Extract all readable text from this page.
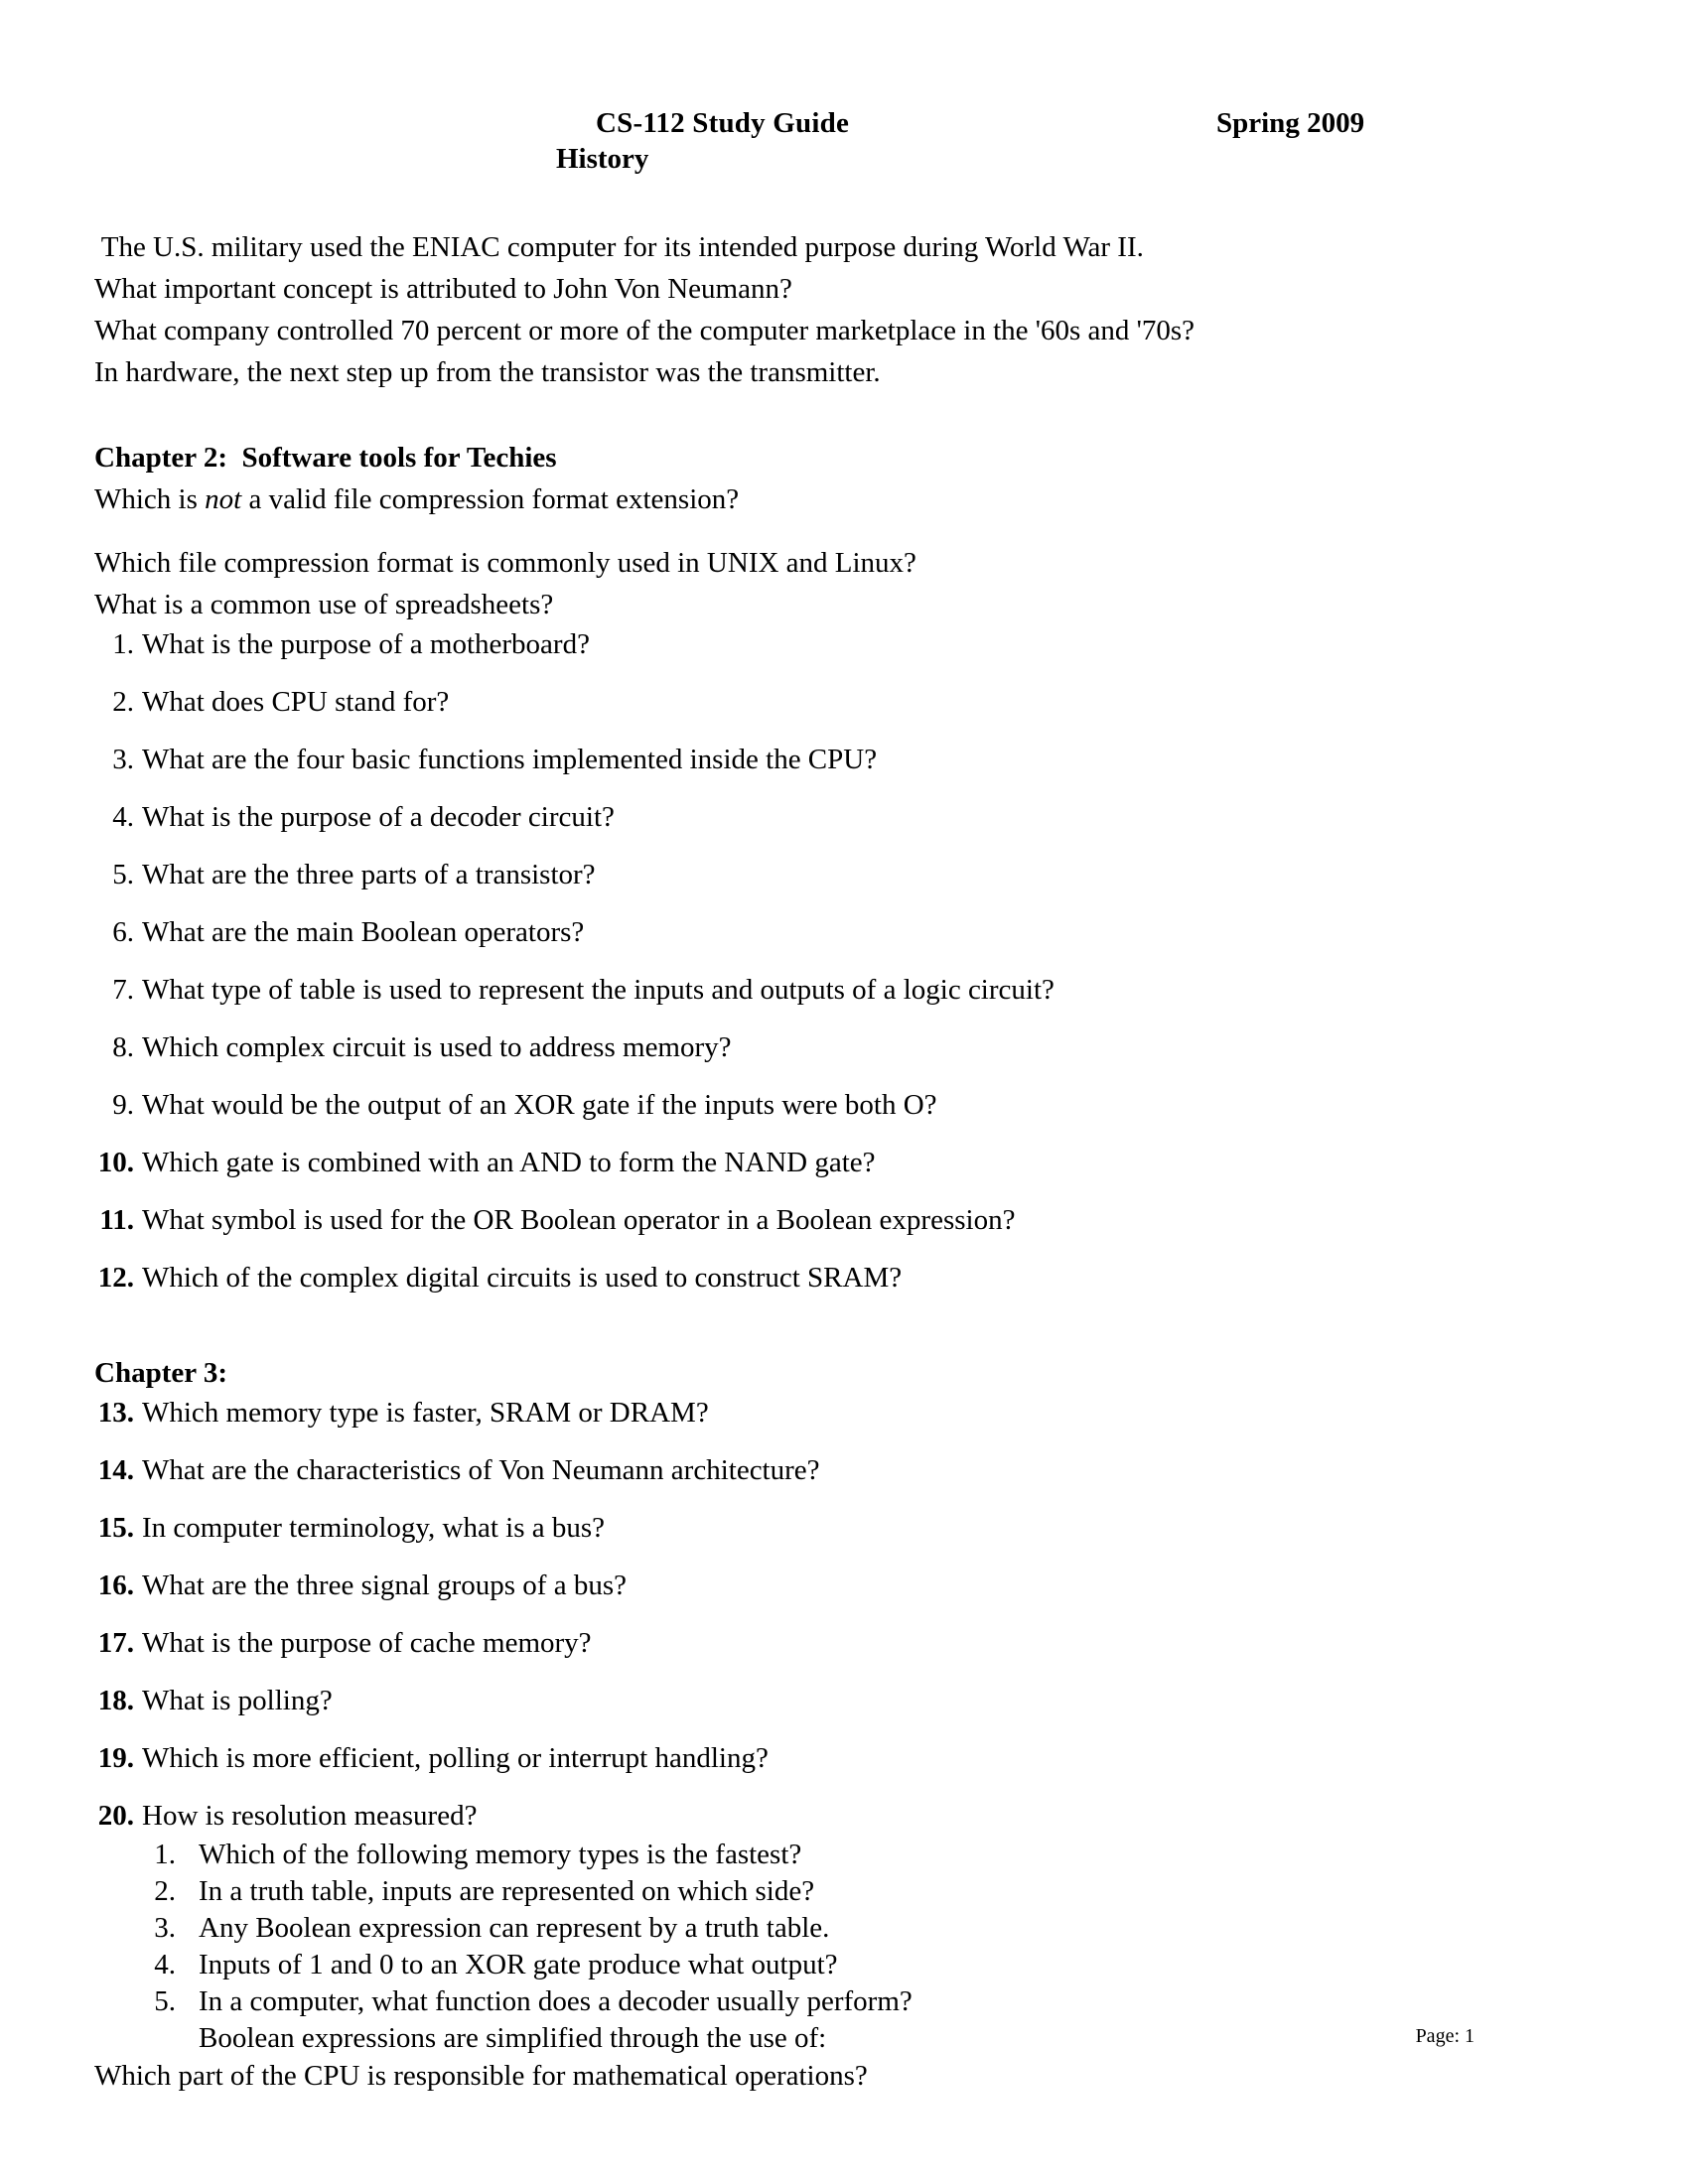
CS-112 Study Guide	Spring 2009
History
The U.S. military used the ENIAC computer for its intended purpose during World War II.
What important concept is attributed to John Von Neumann?
What company controlled 70 percent or more of the computer marketplace in the '60s and '70s?
In hardware, the next step up from the transistor was the transmitter.
Chapter 2:  Software tools for Techies
Which is not a valid file compression format extension?
Which file compression format is commonly used in UNIX and Linux?
What is a common use of spreadsheets?
1. What is the purpose of a motherboard?
2. What does CPU stand for?
3. What are the four basic functions implemented inside the CPU?
4. What is the purpose of a decoder circuit?
5. What are the three parts of a transistor?
6. What are the main Boolean operators?
7. What type of table is used to represent the inputs and outputs of a logic circuit?
8. Which complex circuit is used to address memory?
9. What would be the output of an XOR gate if the inputs were both O?
10. Which gate is combined with an AND to form the NAND gate?
11. What symbol is used for the OR Boolean operator in a Boolean expression?
12. Which of the complex digital circuits is used to construct SRAM?
Chapter 3:
13. Which memory type is faster, SRAM or DRAM?
14. What are the characteristics of Von Neumann architecture?
15. In computer terminology, what is a bus?
16. What are the three signal groups of a bus?
17. What is the purpose of cache memory?
18. What is polling?
19. Which is more efficient, polling or interrupt handling?
20. How is resolution measured?
1. Which of the following memory types is the fastest?
2. In a truth table, inputs are represented on which side?
3. Any Boolean expression can represent by a truth table.
4. Inputs of 1 and 0 to an XOR gate produce what output?
5. In a computer, what function does a decoder usually perform?
Boolean expressions are simplified through the use of:
Which part of the CPU is responsible for mathematical operations?
Page: 1
